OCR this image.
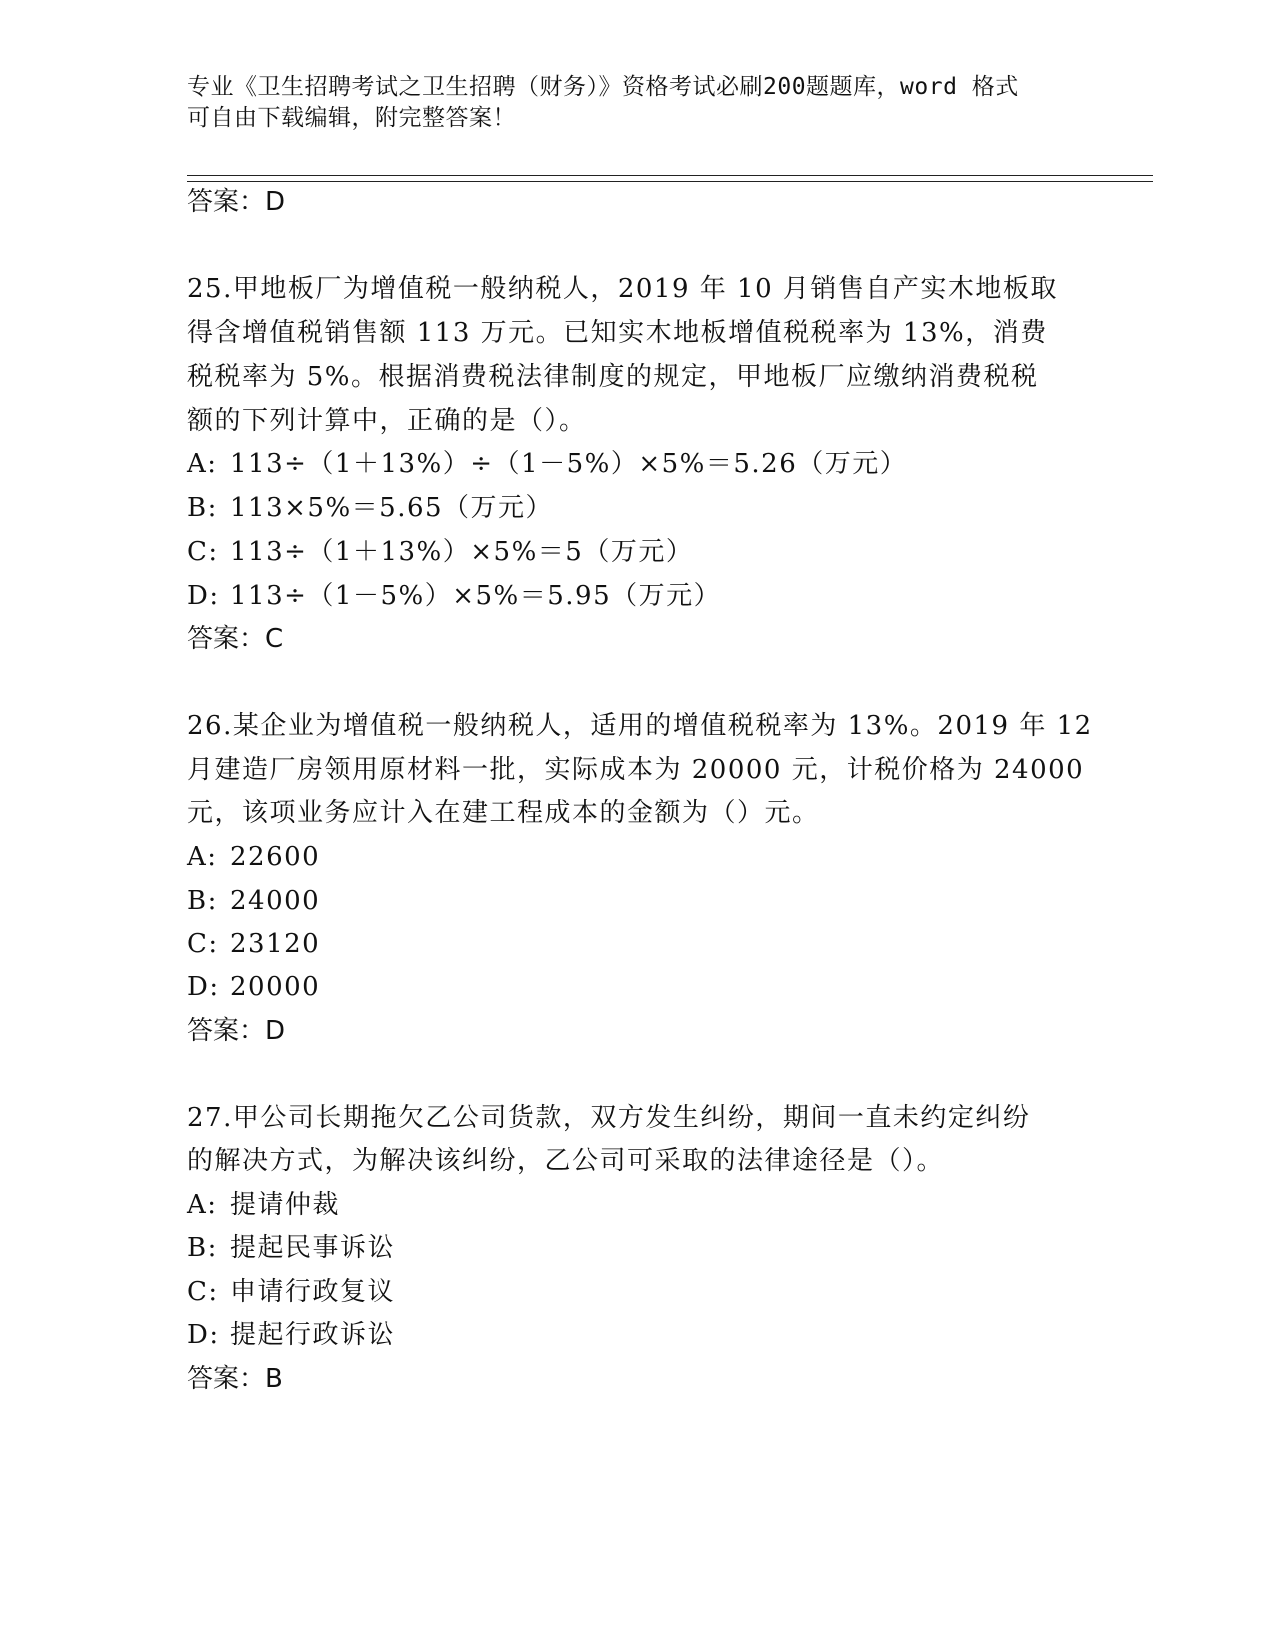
专业《卫生招聘考试之卫生招聘（财务）》资格考试必刷200题题库，word 格式
可自由下载编辑，附完整答案！
答案：D
25.甲地板厂为增值税一般纳税人，2019 年 10 月销售自产实木地板取
得含增值税销售额 113 万元。已知实木地板增值税税率为 13%，消费
税税率为 5%。根据消费税法律制度的规定，甲地板厂应缴纳消费税税
额的下列计算中，正确的是（）。
A: 113÷（1＋13%）÷（1－5%）×5%＝5.26（万元）
B: 113×5%＝5.65（万元）
C: 113÷（1＋13%）×5%＝5（万元）
D: 113÷（1－5%）×5%＝5.95（万元）
答案：C
26.某企业为增值税一般纳税人，适用的增值税税率为 13%。2019 年 12
月建造厂房领用原材料一批，实际成本为 20000 元，计税价格为 24000
元，该项业务应计入在建工程成本的金额为（）元。
A: 22600
B: 24000
C: 23120
D: 20000
答案：D
27.甲公司长期拖欠乙公司货款，双方发生纠纷，期间一直未约定纠纷
的解决方式，为解决该纠纷，乙公司可采取的法律途径是（）。
A: 提请仲裁
B: 提起民事诉讼
C: 申请行政复议
D: 提起行政诉讼
答案：B
